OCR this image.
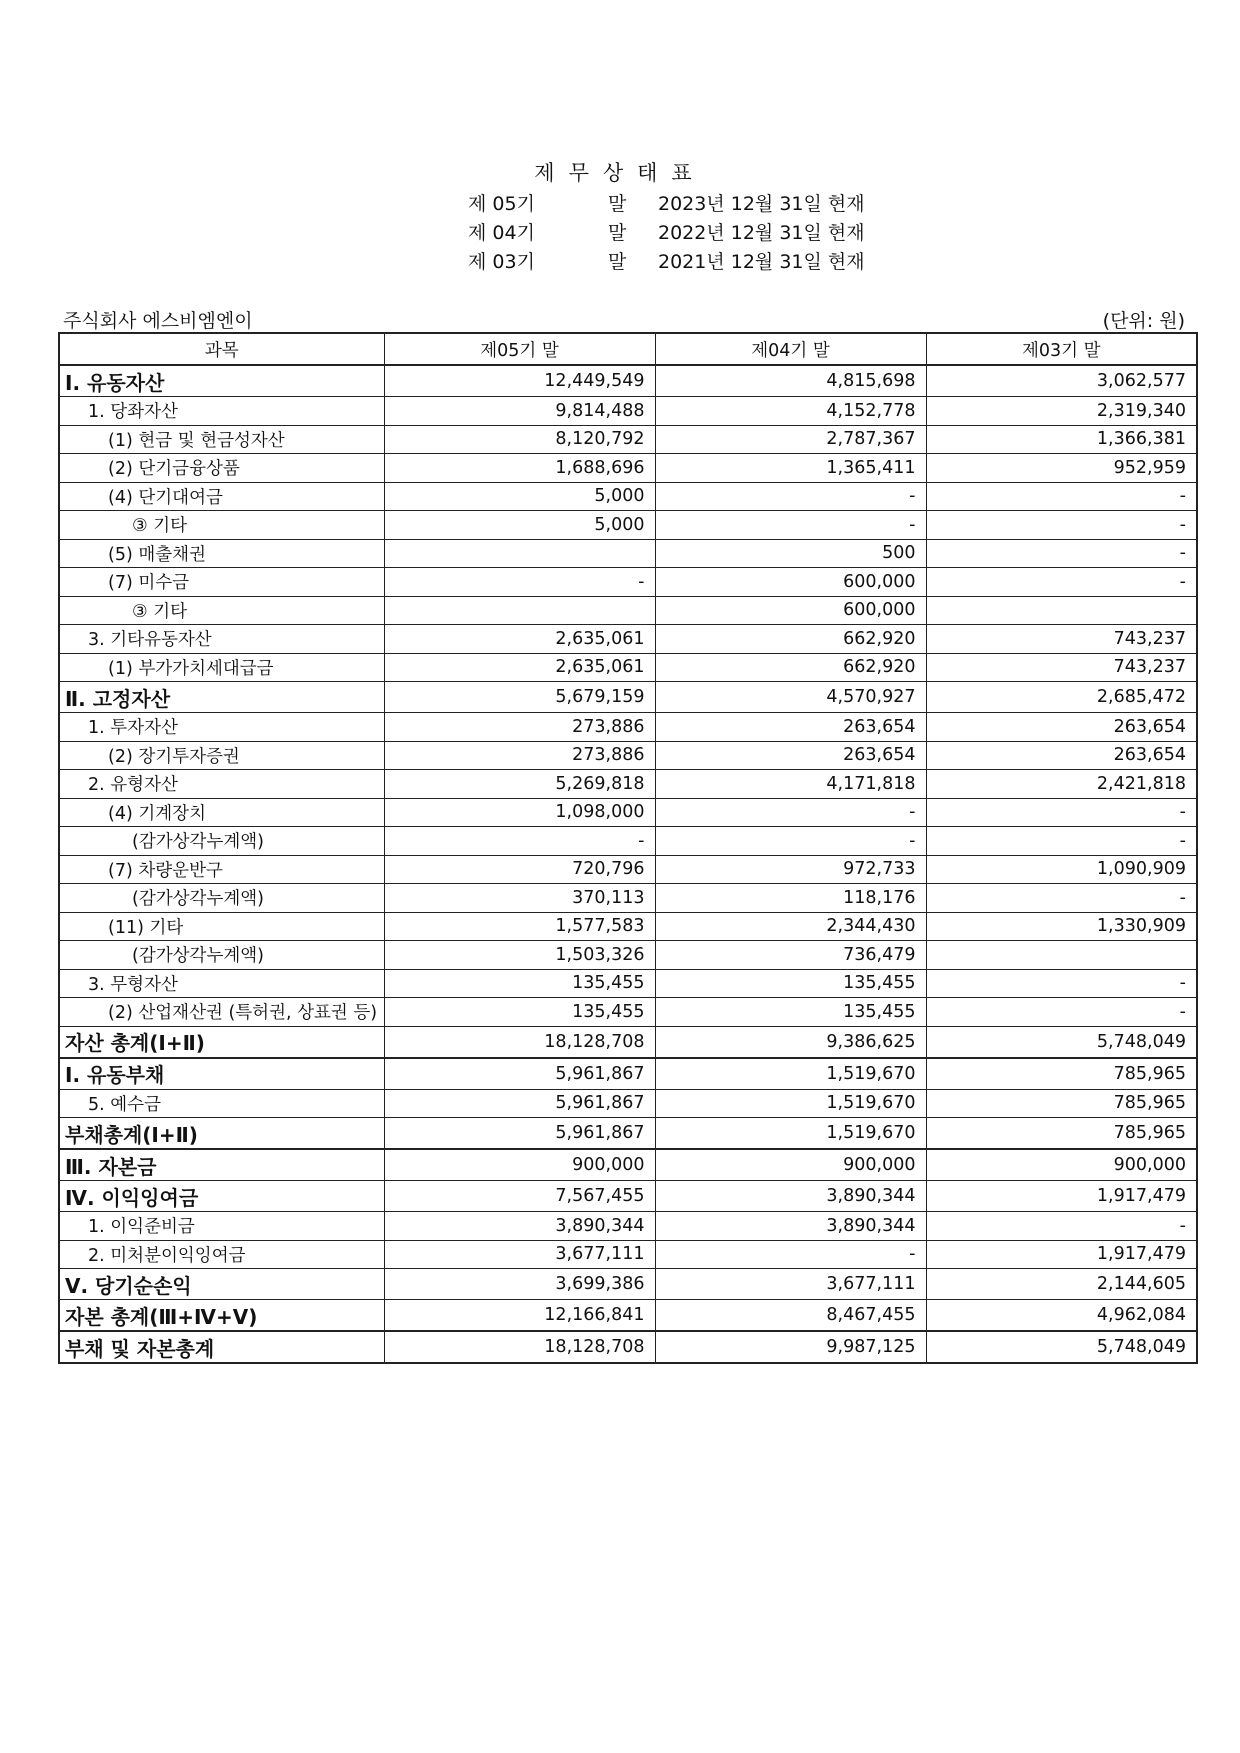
제무상태표
제 05기	말 2023년 12월 31일 현재
제 04기	말 2022년 12월 31일 현재
제 03기	말 2021년 12월 31일 현재
주식회사 에스비엠엔이	(단위: 원)
과목	제05기 말	제04기 말	제03기 말
Ⅰ. 유동자산	12,449,549	4,815,698	3,062,577
1. 당좌자산	9,814,488	4,152,778	2,319,340
(1) 현금 및 현금성자산	8,120,792	2,787,367	1,366,381
(2) 단기금융상품	1,688,696	1,365,411	952,959
(4) 단기대여금	5,000	-	-
③ 기타	5,000	-	-
(5) 매출채권		500	-
(7) 미수금	-	600,000	-
③ 기타		600,000	
3. 기타유동자산	2,635,061	662,920	743,237
(1) 부가가치세대급금	2,635,061	662,920	743,237
Ⅱ. 고정자산	5,679,159	4,570,927	2,685,472
1. 투자자산	273,886	263,654	263,654
(2) 장기투자증권	273,886	263,654	263,654
2. 유형자산	5,269,818	4,171,818	2,421,818
(4) 기계장치	1,098,000	-	-
(감가상각누계액)	-	-	-
(7) 차량운반구	720,796	972,733	1,090,909
(감가상각누계액)	370,113	118,176	-
(11) 기타	1,577,583	2,344,430	1,330,909
(감가상각누계액)	1,503,326	736,479	
3. 무형자산	135,455	135,455	-
(2) 산업재산권 (특허권, 상표권 등)	135,455	135,455	-
자산 총계(Ⅰ+Ⅱ)	18,128,708	9,386,625	5,748,049
Ⅰ. 유동부채	5,961,867	1,519,670	785,965
5. 예수금	5,961,867	1,519,670	785,965
부채총계(Ⅰ+Ⅱ)	5,961,867	1,519,670	785,965
Ⅲ. 자본금	900,000	900,000	900,000
Ⅳ. 이익잉여금	7,567,455	3,890,344	1,917,479
1. 이익준비금	3,890,344	3,890,344	-
2. 미처분이익잉여금	3,677,111	-	1,917,479
Ⅴ. 당기순손익	3,699,386	3,677,111	2,144,605
자본 총계(Ⅲ+Ⅳ+Ⅴ)	12,166,841	8,467,455	4,962,084
부채 및 자본총계	18,128,708	9,987,125	5,748,049
